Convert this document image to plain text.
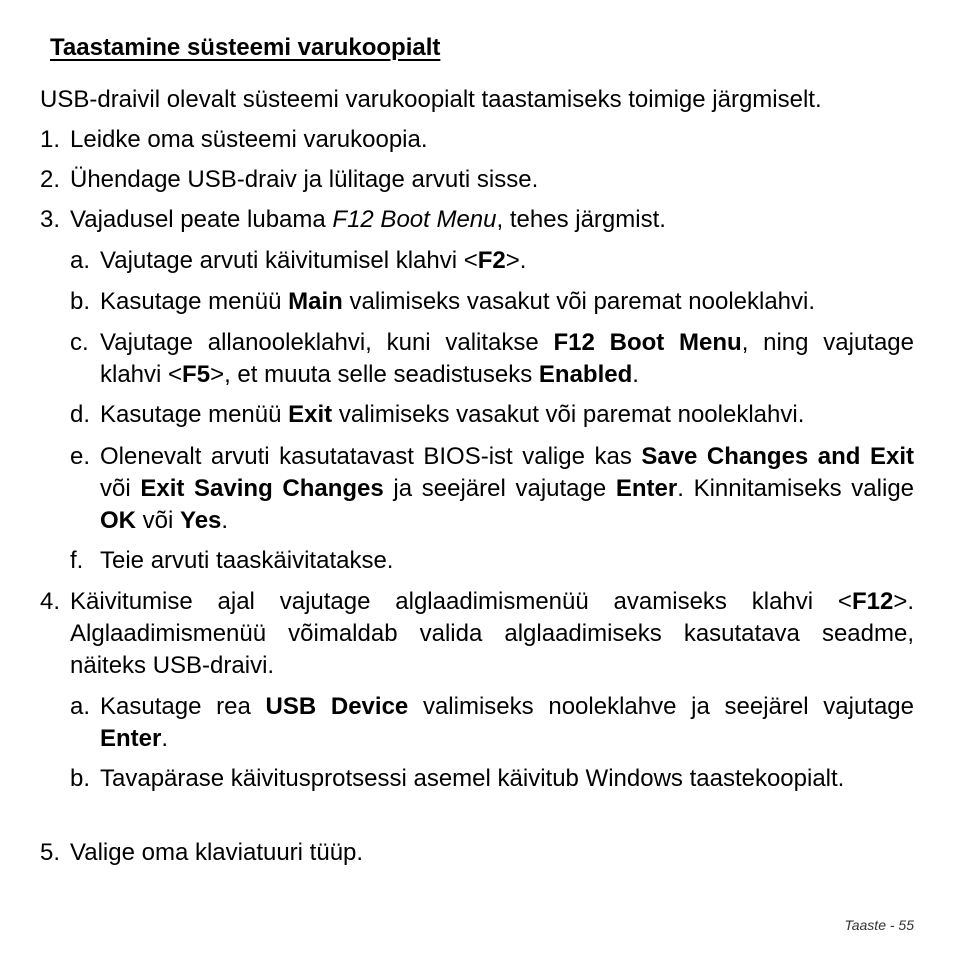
Taastamine süsteemi varukoopialt

USB-draivil olevalt süsteemi varukoopialt taastamiseks toimige järgmiselt.

1. Leidke oma süsteemi varukoopia.

2. Ühendage USB-draiv ja lülitage arvuti sisse.

3. Vajadusel peate lubama F12 Boot Menu, tehes järgmist.

a. Vajutage arvuti käivitumisel klahvi <F2>.

b. Kasutage menüü Main valimiseks vasakut või paremat nooleklahvi.

c. Vajutage allanooleklahvi, kuni valitakse F12 Boot Menu, ning vajutage klahvi <F5>, et muuta selle seadistuseks Enabled.

d. Kasutage menüü Exit valimiseks vasakut või paremat nooleklahvi.

e. Olenevalt arvuti kasutatavast BIOS-ist valige kas Save Changes and Exit või Exit Saving Changes ja seejärel vajutage Enter. Kinnitamiseks valige OK või Yes.

f. Teie arvuti taaskäivitatakse.

4. Käivitumise ajal vajutage alglaadimismenüü avamiseks klahvi <F12>. Alglaadimismenüü võimaldab valida alglaadimiseks kasutatava seadme, näiteks USB-draivi.

a. Kasutage rea USB Device valimiseks nooleklahve ja seejärel vajutage Enter.

b. Tavapärase käivitusprotsessi asemel käivitub Windows taastekoopialt.

5. Valige oma klaviatuuri tüüp.

Taaste - 55
